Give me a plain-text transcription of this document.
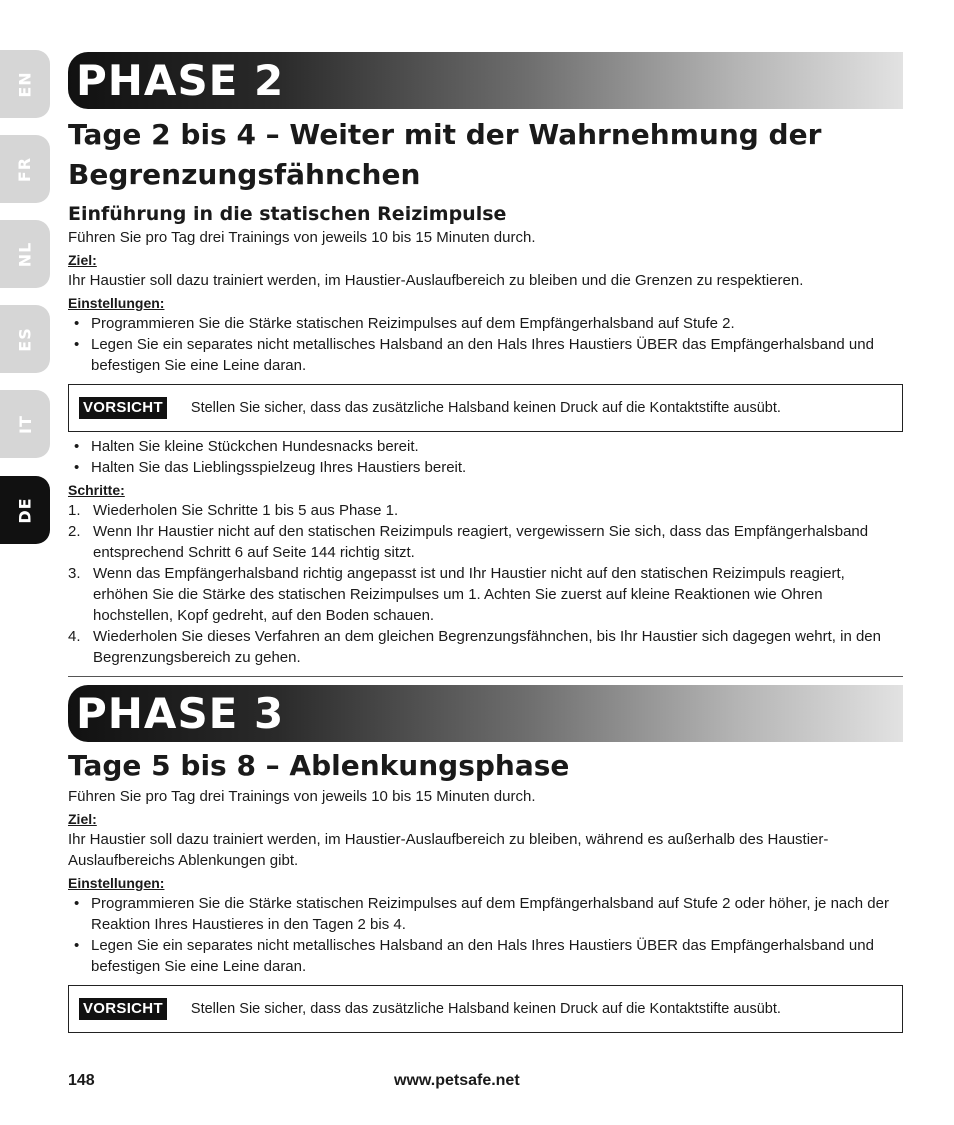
EN
FR
NL
ES
IT
DE
PHASE 2
Tage 2 bis 4 – Weiter mit der Wahrnehmung der
Begrenzungsfähnchen
Einführung in die statischen Reizimpulse

Führen Sie pro Tag drei Trainings von jeweils 10 bis 15 Minuten durch.

Ziel:

Ihr Haustier soll dazu trainiert werden, im Haustier-Auslaufbereich zu bleiben und die Grenzen zu respektieren.

Einstellungen:
• Programmieren Sie die Stärke statischen Reizimpulses auf dem Empfängerhalsband auf Stufe 2.
• Legen Sie ein separates nicht metallisches Halsband an den Hals Ihres Haustiers ÜBER das Empfängerhalsband und befestigen Sie eine Leine daran.
VORSICHT Stellen Sie sicher, dass das zusätzliche Halsband keinen Druck auf die Kontaktstifte ausübt.
• Halten Sie kleine Stückchen Hundesnacks bereit.
• Halten Sie das Lieblingsspielzeug Ihres Haustiers bereit.
Schritte:
1. Wiederholen Sie Schritte 1 bis 5 aus Phase 1.
2. Wenn Ihr Haustier nicht auf den statischen Reizimpuls reagiert, vergewissern Sie sich, dass das Empfängerhalsband entsprechend Schritt 6 auf Seite 144 richtig sitzt.
3. Wenn das Empfängerhalsband richtig angepasst ist und Ihr Haustier nicht auf den statischen Reizimpuls reagiert, erhöhen Sie die Stärke des statischen Reizimpulses um 1. Achten Sie zuerst auf kleine Reaktionen wie Ohren hochstellen, Kopf gedreht, auf den Boden schauen.
4. Wiederholen Sie dieses Verfahren an dem gleichen Begrenzungsfähnchen, bis Ihr Haustier sich dagegen wehrt, in den Begrenzungsbereich zu gehen.
PHASE 3
Tage 5 bis 8 – Ablenkungsphase

Führen Sie pro Tag drei Trainings von jeweils 10 bis 15 Minuten durch.

Ziel:

Ihr Haustier soll dazu trainiert werden, im Haustier-Auslaufbereich zu bleiben, während es außerhalb des Haustier-Auslaufbereichs Ablenkungen gibt.

Einstellungen:
• Programmieren Sie die Stärke statischen Reizimpulses auf dem Empfängerhalsband auf Stufe 2 oder höher, je nach der Reaktion Ihres Haustieres in den Tagen 2 bis 4.
• Legen Sie ein separates nicht metallisches Halsband an den Hals Ihres Haustiers ÜBER das Empfängerhalsband und befestigen Sie eine Leine daran.
VORSICHT Stellen Sie sicher, dass das zusätzliche Halsband keinen Druck auf die Kontaktstifte ausübt.
148	www.petsafe.net
